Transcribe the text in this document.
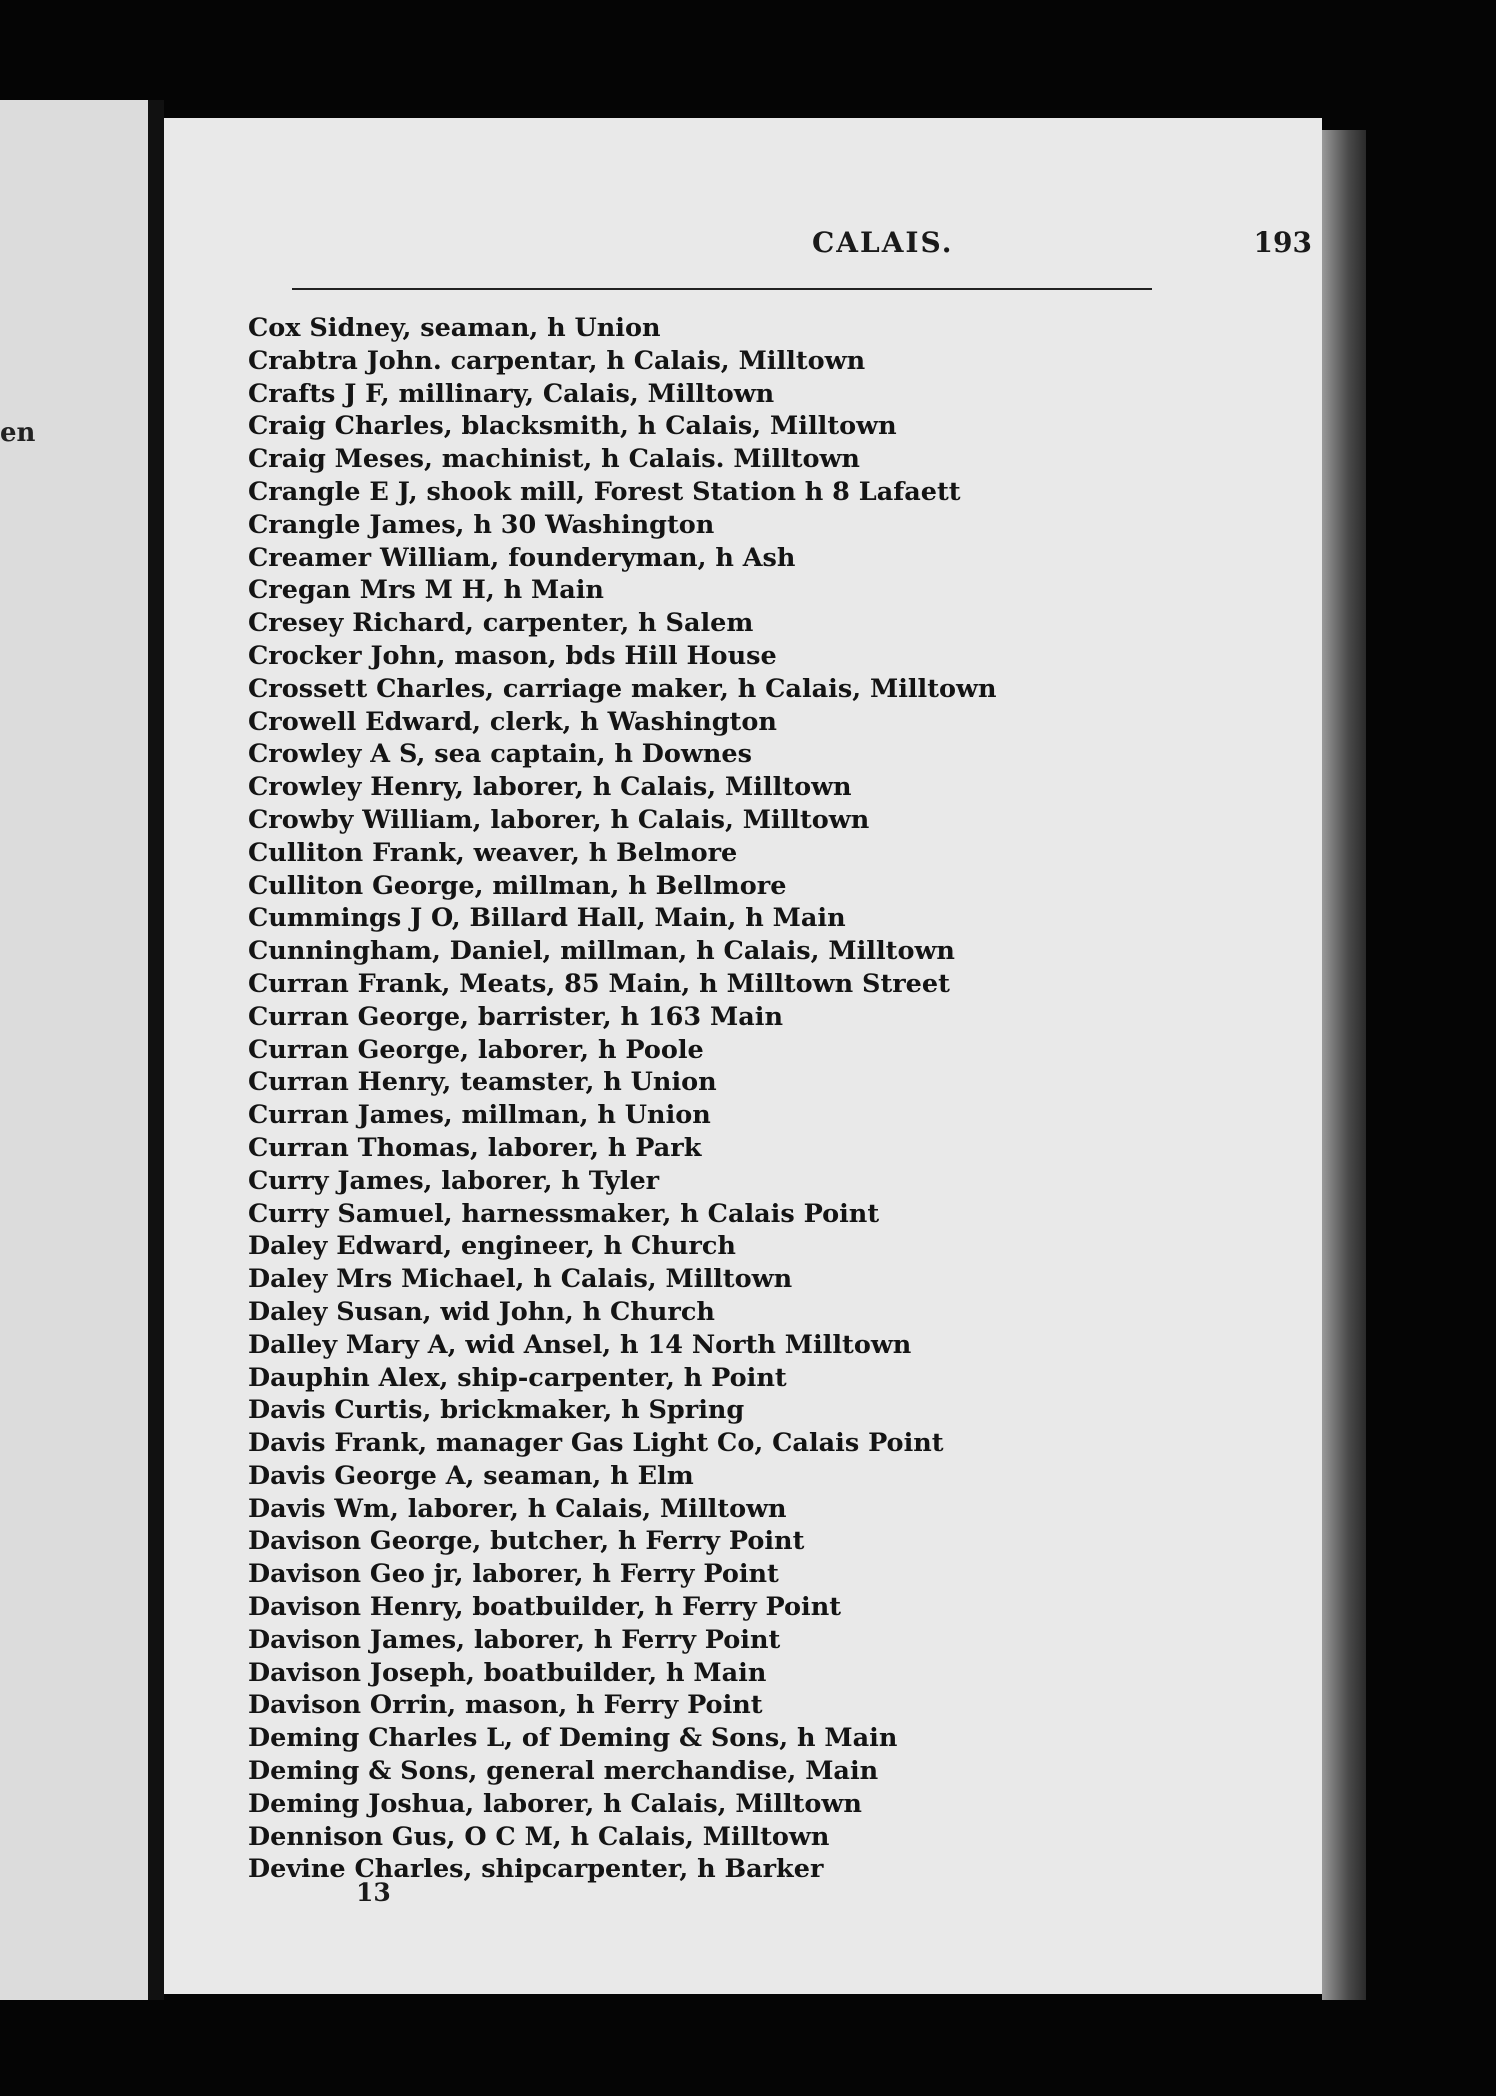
en
CALAIS.	193
Cox Sidney, seaman, h Union
Crabtra John. carpentar, h Calais, Milltown
Crafts J F, millinary, Calais, Milltown
Craig Charles, blacksmith, h Calais, Milltown
Craig Meses, machinist, h Calais. Milltown
Crangle E J, shook mill, Forest Station h 8 Lafaett
Crangle James, h 30 Washington
Creamer William, founderyman, h Ash
Cregan Mrs M H, h Main
Cresey Richard, carpenter, h Salem
Crocker John, mason, bds Hill House
Crossett Charles, carriage maker, h Calais, Milltown
Crowell Edward, clerk, h Washington
Crowley A S, sea captain, h Downes
Crowley Henry, laborer, h Calais, Milltown
Crowby William, laborer, h Calais, Milltown
Culliton Frank, weaver, h Belmore
Culliton George, millman, h Bellmore
Cummings J O, Billard Hall, Main, h Main
Cunningham, Daniel, millman, h Calais, Milltown
Curran Frank, Meats, 85 Main, h Milltown Street
Curran George, barrister, h 163 Main
Curran George, laborer, h Poole
Curran Henry, teamster, h Union
Curran James, millman, h Union
Curran Thomas, laborer, h Park
Curry James, laborer, h Tyler
Curry Samuel, harnessmaker, h Calais Point
Daley Edward, engineer, h Church
Daley Mrs Michael, h Calais, Milltown
Daley Susan, wid John, h Church
Dalley Mary A, wid Ansel, h 14 North Milltown
Dauphin Alex, ship-carpenter, h Point
Davis Curtis, brickmaker, h Spring
Davis Frank, manager Gas Light Co, Calais Point
Davis George A, seaman, h Elm
Davis Wm, laborer, h Calais, Milltown
Davison George, butcher, h Ferry Point
Davison Geo jr, laborer, h Ferry Point
Davison Henry, boatbuilder, h Ferry Point
Davison James, laborer, h Ferry Point
Davison Joseph, boatbuilder, h Main
Davison Orrin, mason, h Ferry Point
Deming Charles L, of Deming & Sons, h Main
Deming & Sons, general merchandise, Main
Deming Joshua, laborer, h Calais, Milltown
Dennison Gus, O C M, h Calais, Milltown
Devine Charles, shipcarpenter, h Barker
13
